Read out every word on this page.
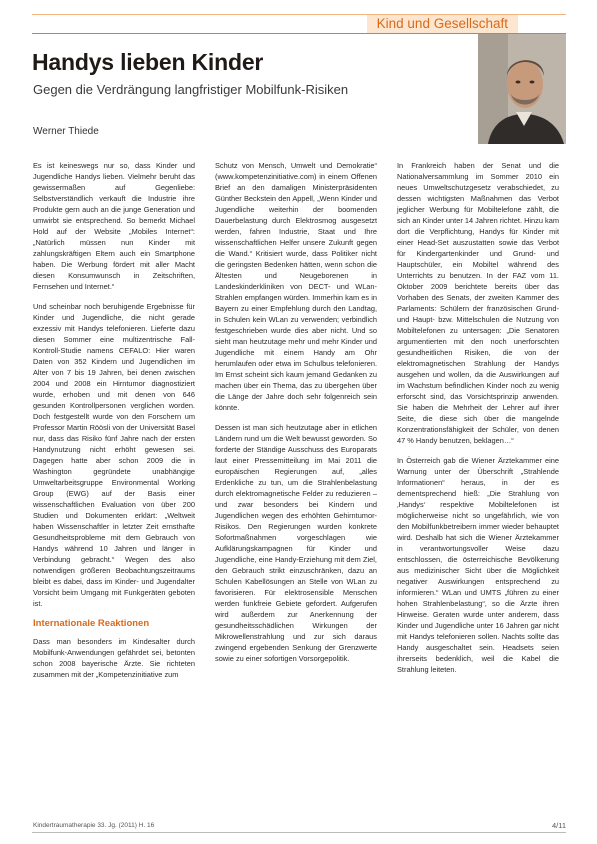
Kind und Gesellschaft
Handys lieben Kinder
Gegen die Verdrängung langfristiger Mobilfunk-Risiken
Werner Thiede

Es ist keineswegs nur so, dass Kinder und Jugendliche Handys lieben. Vielmehr beruht das gewissermaßen auf Gegenliebe: Selbstverständlich verkauft die Industrie ihre Produkte gern auch an die junge Generation und umwirbt sie entsprechend. So bemerkt Michael Hold auf der Website „Mobiles Internet“: „Natürlich müssen nun Kinder mit zahlungskräftigen Eltern auch ein Smartphone haben. Die Werbung fördert mit aller Macht diesen Konsumwunsch in Zeitschriften, Fernsehen und Internet.“

Und scheinbar noch beruhigende Ergebnisse für Kinder und Jugendliche, die nicht gerade exzessiv mit Handys telefonieren. Lieferte dazu diesen Sommer eine multizentrische Fall-Kontroll-Studie namens CEFALO: Hier waren Daten von 352 Kindern und Jugendlichen im Alter von 7 bis 19 Jahren, bei denen zwischen 2004 und 2008 ein Hirntumor diagnostiziert wurde, erhoben und mit denen von 646 gesunden Kontrollpersonen verglichen worden. Doch festgestellt wurde von den Forschern um Professor Martin Röösli von der Universität Basel nur, dass das Risiko fünf Jahre nach der ersten Handynutzung nicht erhöht gewesen sei. Dagegen hatte aber schon 2009 die in Washington gegründete unabhängige Umweltarbeitsgruppe Environmental Working Group (EWG) auf der Basis einer wissenschaftlichen Evaluation von über 200 Studien und Dokumenten erklärt: „Weltweit haben Wissenschaftler in letzter Zeit ernsthafte Gesundheitsprobleme mit dem Gebrauch von Handys während 10 Jahren und länger in Verbindung gebracht.“ Wegen des also notwendigen größeren Beobachtungszeitraums bleibt es dabei, dass im Kinder- und Jugendalter Vorsicht beim Umgang mit Funkgeräten geboten ist.

Internationale Reaktionen

Dass man besonders im Kindesalter durch Mobilfunk-Anwendungen gefährdet sei, betonten schon 2008 bayerische Ärzte. Sie richteten zusammen mit der „Kompetenzinitiative zum

Schutz von Mensch, Umwelt und Demokratie“ (www.kompetenzinitiative.com) in einem Offenen Brief an den damaligen Ministerpräsidenten Günther Beckstein den Appell, „Wenn Kinder und Jugendliche weiterhin der boomenden Dauerbelastung durch Elektrosmog ausgesetzt werden, fahren Industrie, Staat und Ihre wissenschaftlichen Helfer unsere Zukunft gegen die Wand.“ Kritisiert wurde, dass Politiker nicht die geringsten Bedenken hätten, wenn schon die Ältesten und Neugeborenen in Landeskinderkliniken von DECT- und WLan-Strahlen empfangen würden. Immerhin kam es in Bayern zu einer Empfehlung durch den Landtag, in Schulen kein WLan zu verwenden; verbindlich festgeschrieben wurde dies aber nicht. Und so sieht man heutzutage mehr und mehr Kinder und Jugendliche mit einem Handy am Ohr herumlaufen oder etwa im Schulbus telefonieren. Im Ernst scheint sich kaum jemand Gedanken zu machen über ein Thema, das zu übergehen über die Länge der Jahre doch sehr folgenreich sein könnte.

Dessen ist man sich heutzutage aber in etlichen Ländern rund um die Welt bewusst geworden. So forderte der Ständige Ausschuss des Europarats laut einer Pressemitteilung im Mai 2011 die europäischen Regierungen auf, „alles Erdenkliche zu tun, um die Strahlenbelastung durch elektromagnetische Felder zu reduzieren – und zwar besonders bei Kindern und Jugendlichen wegen des erhöhten Gehirntumor-Risikos. Den Regierungen wurden konkrete Sofortmaßnahmen vorgeschlagen wie Aufklärungskampagnen für Kinder und Jugendliche, eine Handy-Erziehung mit dem Ziel, den Gebrauch strikt einzuschränken, dazu an Schulen Kabellösungen an Stelle von WLan zu favorisieren. Für elektrosensible Menschen werden funkfreie Gebiete gefordert. Aufgerufen wird außerdem zur Anerkennung der gesundheitsschädlichen Wirkungen der Mikrowellenstrahlung und zur sich daraus zwingend ergebenden Senkung der Grenzwerte sowie zu einer sofortigen Vorsorgepolitik.

In Frankreich haben der Senat und die Nationalversammlung im Sommer 2010 ein neues Umweltschutzgesetz verabschiedet, zu dessen wichtigsten Maßnahmen das Verbot jeglicher Werbung für Mobiltelefone zählt, die sich an Kinder unter 14 Jahren richtet. Hinzu kam dort die Verpflichtung, Handys für Kinder mit einer Head-Set auszustatten sowie das Verbot für Kindergartenkinder und Grund- und Hauptschüler, ein Mobiltel während des Unterrichts zu benutzen. In der FAZ vom 11. Oktober 2009 berichtete bereits über das Vorhaben des Senats, der zweiten Kammer des Parlaments: Schülern der französischen Grund- und Haupt- bzw. Mittelschulen die Nutzung von Mobiltelefonen zu untersagen: „Die Senatoren argumentierten mit den noch unerforschten gesundheitlichen Risiken, die von der elektromagnetischen Strahlung der Handys ausgehen und wollen, da die Auswirkungen auf im Wachstum befindlichen Kinder noch zu wenig erforscht sind, das Vorsichtsprinzip anwenden. Sie haben die Mehrheit der Lehrer auf ihrer Seite, die diese sich über die mangelnde Konzentrationsfähigkeit der Schüler, von denen 47 % Handy benutzen, beklagen…“

In Österreich gab die Wiener Ärztekammer eine Warnung unter der Überschrift „Strahlende Informationen“ heraus, in der es dementsprechend hieß: „Die Strahlung von ‚Handys‘ respektive Mobiltelefonen ist möglicherweise nicht so ungefährlich, wie von den Mobilfunkbetreibern immer wieder behauptet wird. Deshalb hat sich die Wiener Ärztekammer in verantwortungsvoller Weise dazu entschlossen, die österreichische Bevölkerung aus medizinischer Sicht über die Möglichkeit negativer Auswirkungen entsprechend zu informieren.“ WLan und UMTS „führen zu einer hohen Strahlenbelastung“, so die Ärzte ihren Hinweise. Geraten wurde unter anderem, dass Kinder und Jugendliche unter 16 Jahren gar nicht mit Handys telefonieren sollen. Nachts sollte das Handy ausgeschaltet sein. Headsets seien ihrerseits bedenklich, weil die Kabel die Strahlung leiteten.

Kindertraumatherapie 33. Jg. (2011) H. 16	4/11
